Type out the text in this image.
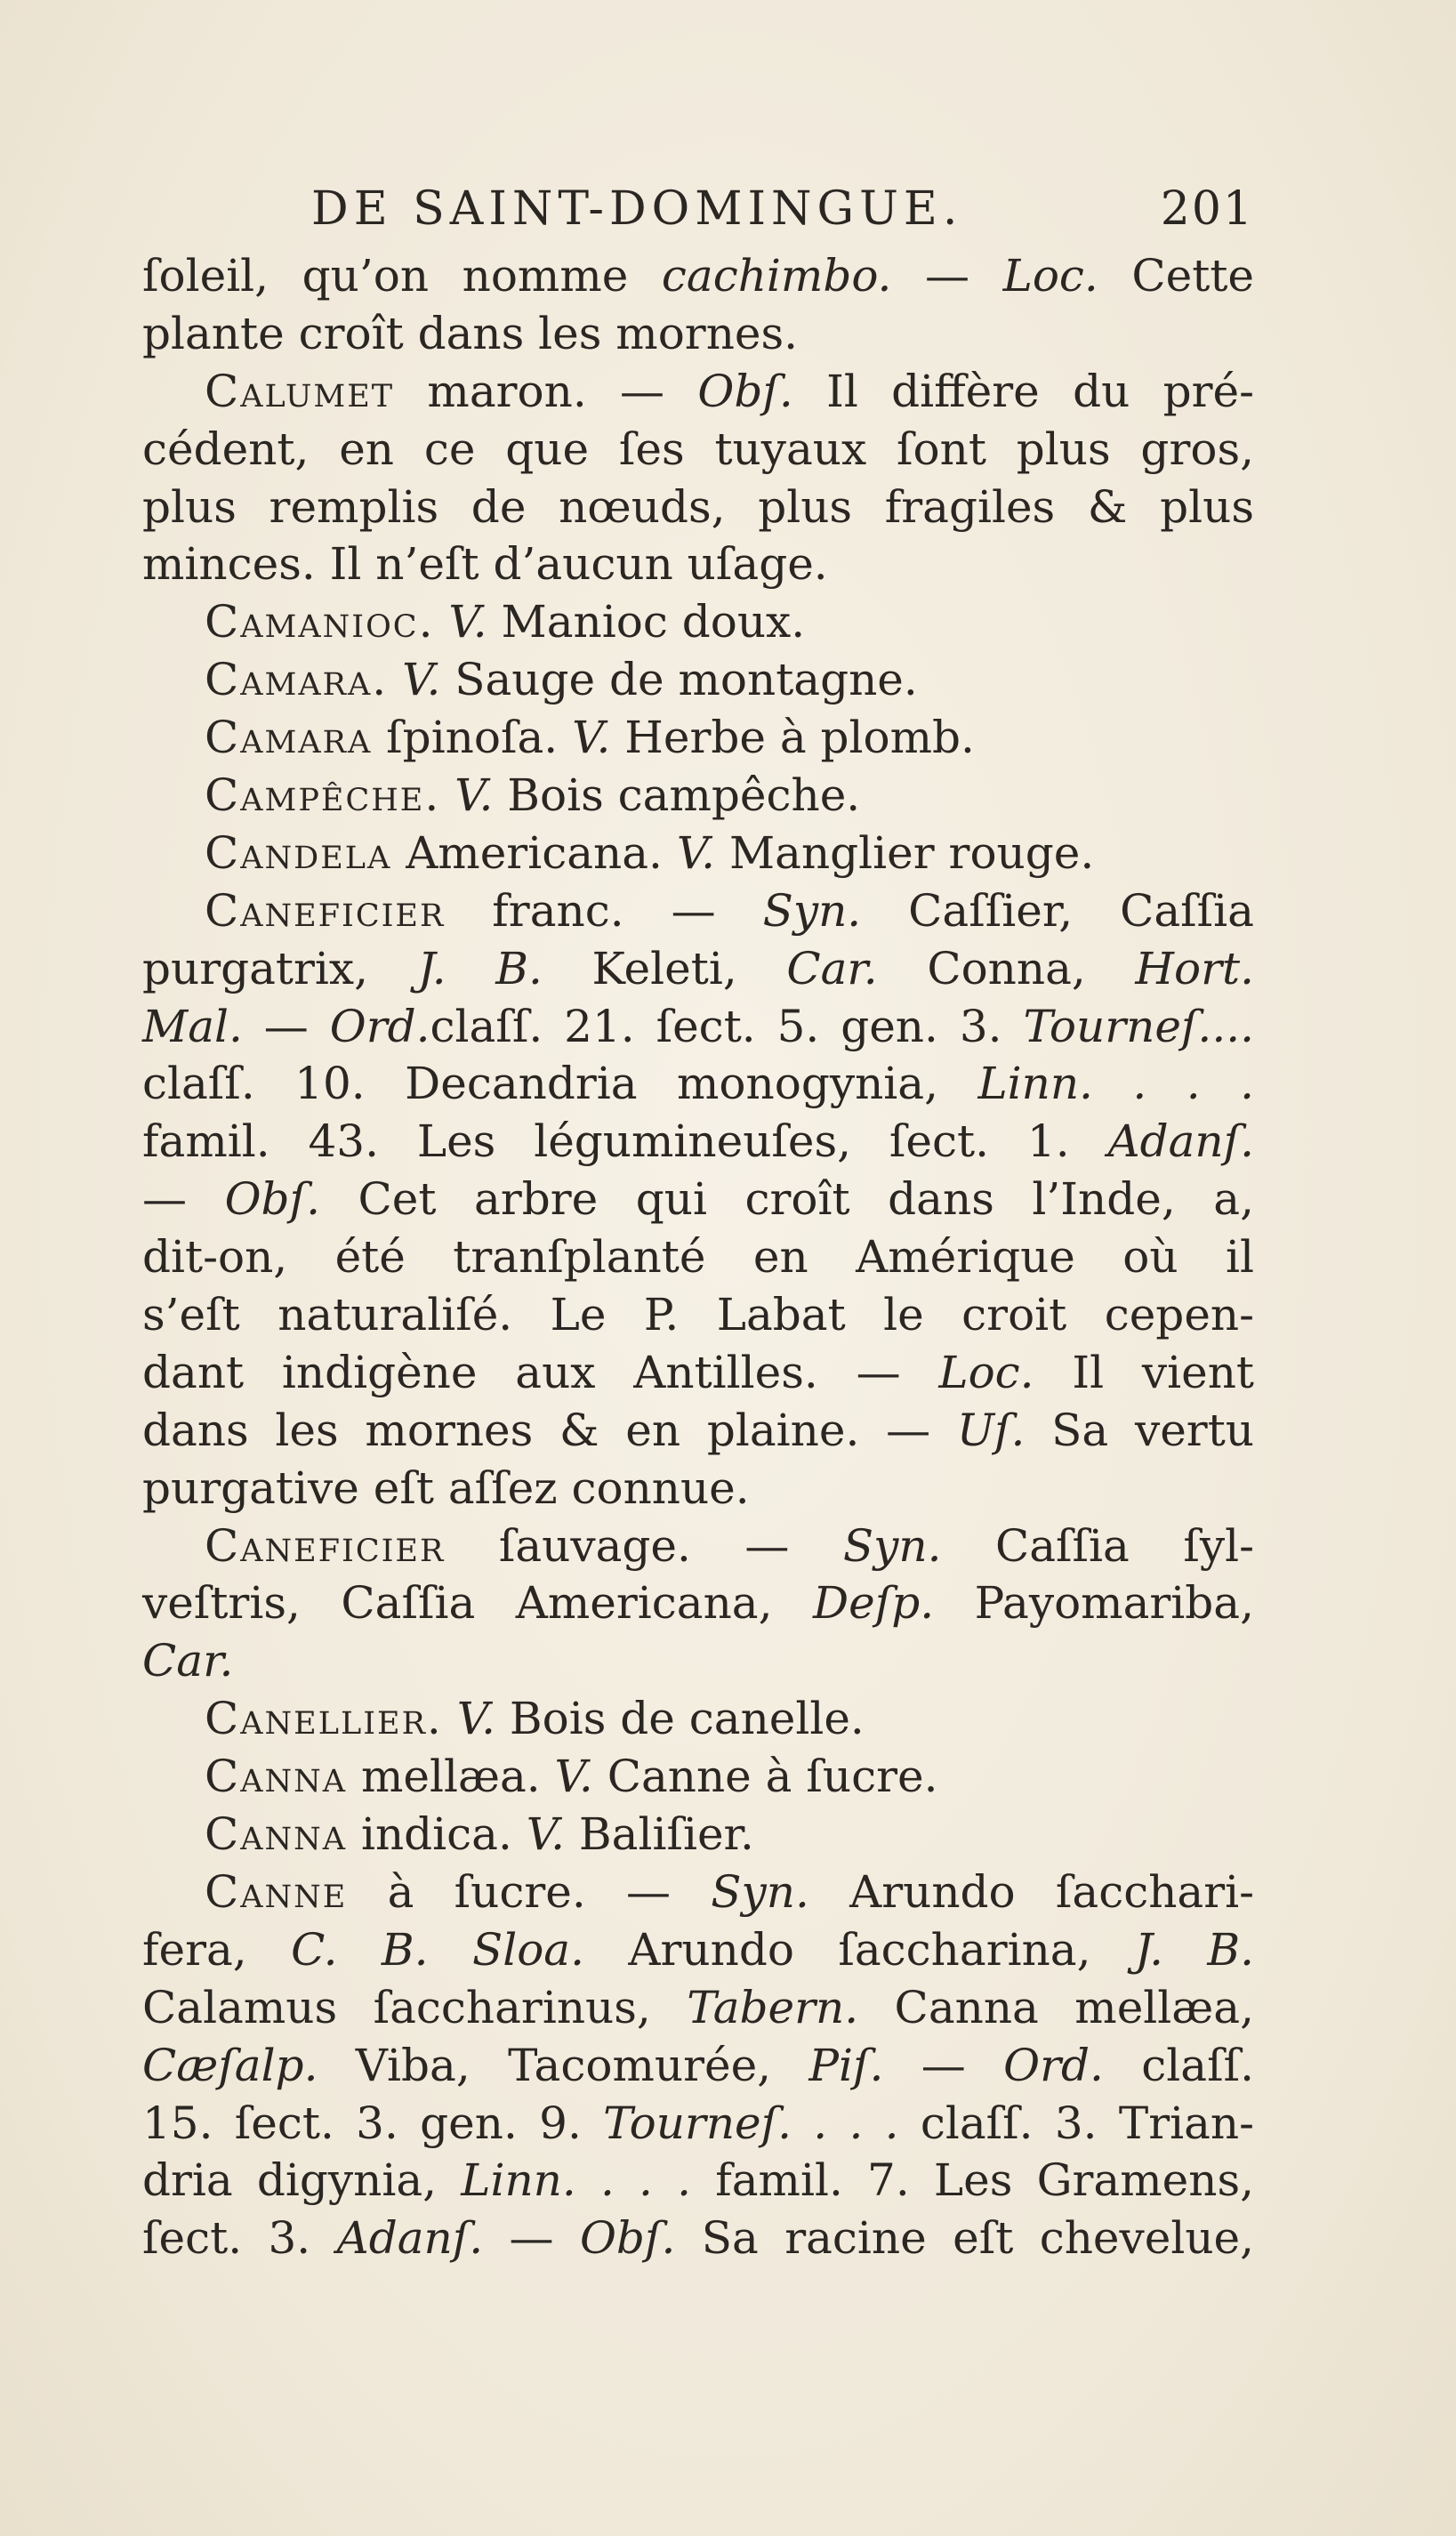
DE SAINT-DOMINGUE.	201
ſoleil, qu’on nomme cachimbo. — Loc. Cette
plante croît dans les mornes.
Calumet maron. — Obſ. Il diffère du pré-
cédent, en ce que ſes tuyaux ſont plus gros,
plus remplis de nœuds, plus fragiles & plus
minces. Il n’eſt d’aucun uſage.
Camanioc. V. Manioc doux.
Camara. V. Sauge de montagne.
Camara ſpinoſa. V. Herbe à plomb.
Campêche. V. Bois campêche.
Candela Americana. V. Manglier rouge.
Caneficier franc. — Syn. Caſſier, Caſſia
purgatrix, J. B. Keleti, Car. Conna, Hort.
Mal. — Ord.claſſ. 21. ſect. 5. gen. 3. Tourneſ....
claſſ. 10. Decandria monogynia, Linn. . . .
famil. 43. Les légumineuſes, ſect. 1. Adanſ.
— Obſ. Cet arbre qui croît dans l’Inde, a,
dit-on, été tranſplanté en Amérique où il
s’eſt naturaliſé. Le P. Labat le croit cepen-
dant indigène aux Antilles. — Loc. Il vient
dans les mornes & en plaine. — Uſ. Sa vertu
purgative eſt aſſez connue.
Caneficier ſauvage. — Syn. Caſſia ſyl-
veſtris, Caſſia Americana, Deſp. Payomariba,
Car.
Canellier. V. Bois de canelle.
Canna mellæa. V. Canne à ſucre.
Canna indica. V. Baliſier.
Canne à ſucre. — Syn. Arundo ſacchari-
fera, C. B. Sloa. Arundo ſaccharina, J. B.
Calamus ſaccharinus, Tabern. Canna mellæa,
Cæſalp. Viba, Tacomurée, Piſ. — Ord. claſſ.
15. ſect. 3. gen. 9. Tourneſ. . . . claſſ. 3. Trian-
dria digynia, Linn. . . . famil. 7. Les Gramens,
ſect. 3. Adanſ. — Obſ. Sa racine eſt chevelue,
